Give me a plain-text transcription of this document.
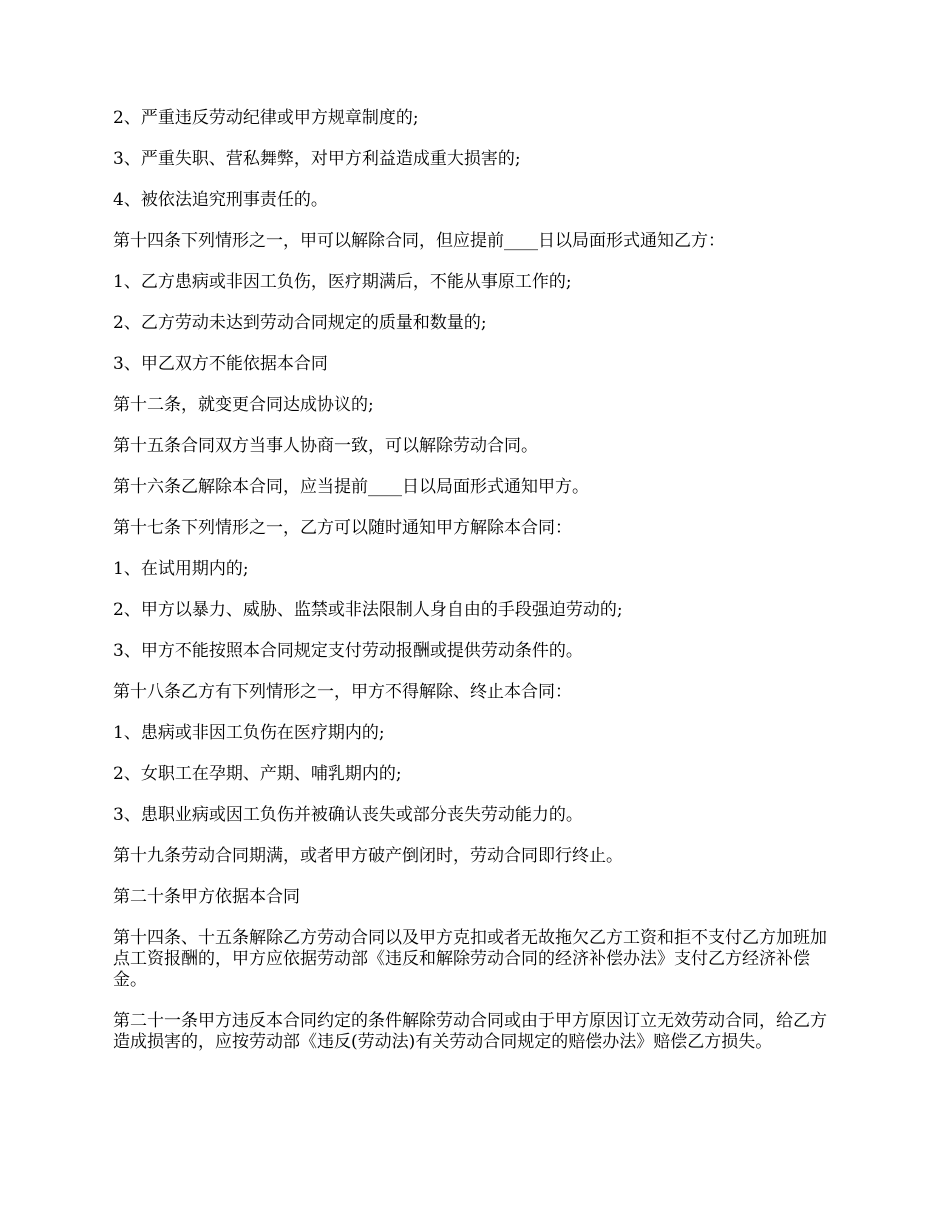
2、严重违反劳动纪律或甲方规章制度的;

3、严重失职、营私舞弊，对甲方利益造成重大损害的;

4、被依法追究刑事责任的。

第十四条下列情形之一，甲可以解除合同，但应提前____日以局面形式通知乙方：

1、乙方患病或非因工负伤，医疗期满后，不能从事原工作的;

2、乙方劳动未达到劳动合同规定的质量和数量的;

3、甲乙双方不能依据本合同

第十二条，就变更合同达成协议的;

第十五条合同双方当事人协商一致，可以解除劳动合同。

第十六条乙解除本合同，应当提前____日以局面形式通知甲方。

第十七条下列情形之一，乙方可以随时通知甲方解除本合同：

1、在试用期内的;

2、甲方以暴力、威胁、监禁或非法限制人身自由的手段强迫劳动的;

3、甲方不能按照本合同规定支付劳动报酬或提供劳动条件的。

第十八条乙方有下列情形之一，甲方不得解除、终止本合同：

1、患病或非因工负伤在医疗期内的;

2、女职工在孕期、产期、哺乳期内的;

3、患职业病或因工负伤并被确认丧失或部分丧失劳动能力的。

第十九条劳动合同期满，或者甲方破产倒闭时，劳动合同即行终止。

第二十条甲方依据本合同

第十四条、十五条解除乙方劳动合同以及甲方克扣或者无故拖欠乙方工资和拒不支付乙方加班加点工资报酬的，甲方应依据劳动部《违反和解除劳动合同的经济补偿办法》支付乙方经济补偿金。

第二十一条甲方违反本合同约定的条件解除劳动合同或由于甲方原因订立无效劳动合同，给乙方造成损害的，应按劳动部《违反(劳动法)有关劳动合同规定的赔偿办法》赔偿乙方损失。
